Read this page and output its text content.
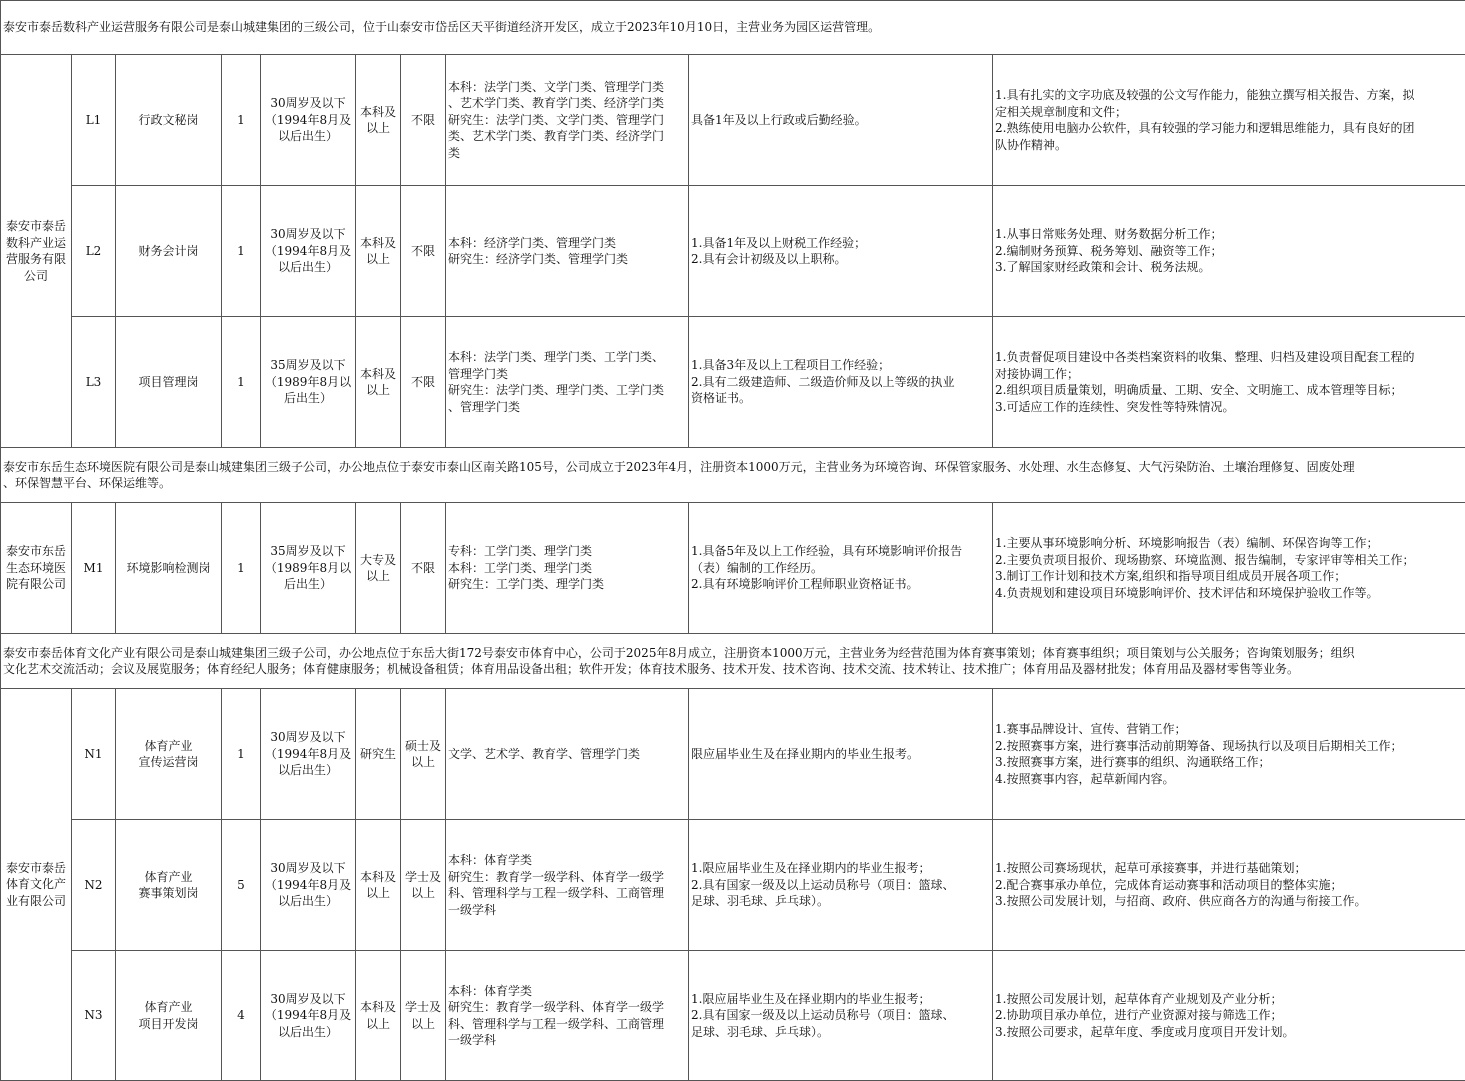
泰安市泰岳数科产业运营服务有限公司是泰山城建集团的三级公司，位于山泰安市岱岳区天平街道经济开发区，成立于2023年10月10日，主营业务为园区运营管理。									
泰安市泰岳
数科产业运
营服务有限
公司	L1	行政文秘岗	1	30周岁及以下
（1994年8月及
以后出生）	本科及
以上	不限	本科：法学门类、文学门类、管理学门类
、艺术学门类、教育学门类、经济学门类
研究生：法学门类、文学门类、管理学门
类、艺术学门类、教育学门类、经济学门
类	具备1年及以上行政或后勤经验。	1.具有扎实的文字功底及较强的公文写作能力，能独立撰写相关报告、方案，拟
定相关规章制度和文件；
2.熟练使用电脑办公软件，具有较强的学习能力和逻辑思维能力，具有良好的团
队协作精神。
	L2	财务会计岗	1	30周岁及以下
（1994年8月及
以后出生）	本科及
以上	不限	本科：经济学门类、管理学门类
研究生：经济学门类、管理学门类	1.具备1年及以上财税工作经验；
2.具有会计初级及以上职称。	1.从事日常账务处理、财务数据分析工作；
2.编制财务预算、税务筹划、融资等工作；
3.了解国家财经政策和会计、税务法规。
	L3	项目管理岗	1	35周岁及以下
（1989年8月以
后出生）	本科及
以上	不限	本科：法学门类、理学门类、工学门类、
管理学门类
研究生：法学门类、理学门类、工学门类
、管理学门类	1.具备3年及以上工程项目工作经验；
2.具有二级建造师、二级造价师及以上等级的执业
资格证书。	1.负责督促项目建设中各类档案资料的收集、整理、归档及建设项目配套工程的
对接协调工作；
2.组织项目质量策划，明确质量、工期、安全、文明施工、成本管理等目标；
3.可适应工作的连续性、突发性等特殊情况。
泰安市东岳生态环境医院有限公司是泰山城建集团三级子公司，办公地点位于泰安市泰山区南关路105号，公司成立于2023年4月，注册资本1000万元，主营业务为环境咨询、环保管家服务、水处理、水生态修复、大气污染防治、土壤治理修复、固废处理
、环保智慧平台、环保运维等。									
泰安市东岳
生态环境医
院有限公司	M1	环境影响检测岗	1	35周岁及以下
（1989年8月以
后出生）	大专及
以上	不限	专科：工学门类、理学门类
本科：工学门类、理学门类
研究生：工学门类、理学门类	1.具备5年及以上工作经验，具有环境影响评价报告
（表）编制的工作经历。
2.具有环境影响评价工程师职业资格证书。	1.主要从事环境影响分析、环境影响报告（表）编制、环保咨询等工作；
2.主要负责项目报价、现场勘察、环境监测、报告编制，专家评审等相关工作；
3.制订工作计划和技术方案,组织和指导项目组成员开展各项工作；
4.负责规划和建设项目环境影响评价、技术评估和环境保护验收工作等。
泰安市泰岳体育文化产业有限公司是泰山城建集团三级子公司，办公地点位于东岳大街172号泰安市体育中心，公司于2025年8月成立，注册资本1000万元，主营业务为经营范围为体育赛事策划；体育赛事组织；项目策划与公关服务；咨询策划服务；组织
文化艺术交流活动；会议及展览服务；体育经纪人服务；体育健康服务；机械设备租赁；体育用品设备出租；软件开发；体育技术服务、技术开发、技术咨询、技术交流、技术转让、技术推广；体育用品及器材批发；体育用品及器材零售等业务。									
泰安市泰岳
体育文化产
业有限公司	N1	体育产业
宣传运营岗	1	30周岁及以下
（1994年8月及
以后出生）	研究生	硕士及
以上	文学、艺术学、教育学、管理学门类	限应届毕业生及在择业期内的毕业生报考。	1.赛事品牌设计、宣传、营销工作；
2.按照赛事方案，进行赛事活动前期筹备、现场执行以及项目后期相关工作；
3.按照赛事方案，进行赛事的组织、沟通联络工作；
4.按照赛事内容，起草新闻内容。
	N2	体育产业
赛事策划岗	5	30周岁及以下
（1994年8月及
以后出生）	本科及
以上	学士及
以上	本科：体育学类
研究生：教育学一级学科、体育学一级学
科、管理科学与工程一级学科、工商管理
一级学科	1.限应届毕业生及在择业期内的毕业生报考；
2.具有国家一级及以上运动员称号（项目：篮球、
足球、羽毛球、乒乓球）。	1.按照公司赛场现状，起草可承接赛事，并进行基础策划；
2.配合赛事承办单位，完成体育运动赛事和活动项目的整体实施；
3.按照公司发展计划，与招商、政府、供应商各方的沟通与衔接工作。
	N3	体育产业
项目开发岗	4	30周岁及以下
（1994年8月及
以后出生）	本科及
以上	学士及
以上	本科：体育学类
研究生：教育学一级学科、体育学一级学
科、管理科学与工程一级学科、工商管理
一级学科	1.限应届毕业生及在择业期内的毕业生报考；
2.具有国家一级及以上运动员称号（项目：篮球、
足球、羽毛球、乒乓球）。	1.按照公司发展计划，起草体育产业规划及产业分析；
2.协助项目承办单位，进行产业资源对接与筛选工作；
3.按照公司要求，起草年度、季度或月度项目开发计划。
